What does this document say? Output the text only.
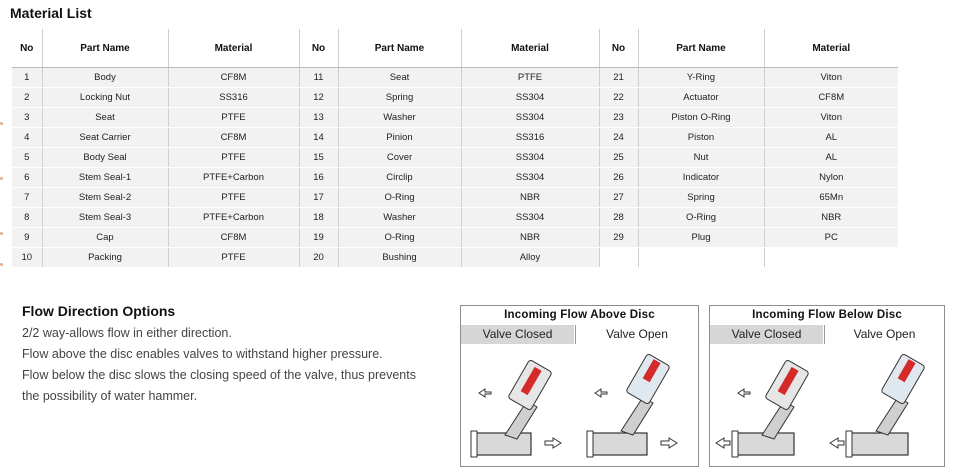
Material List
No	Part Name	Material	No	Part Name	Material	No	Part Name	Material
1	Body	CF8M	11	Seat	PTFE	21	Y-Ring	Viton
2	Locking Nut	SS316	12	Spring	SS304	22	Actuator	CF8M
3	Seat	PTFE	13	Washer	SS304	23	Piston O-Ring	Viton
4	Seat Carrier	CF8M	14	Pinion	SS316	24	Piston	AL
5	Body Seal	PTFE	15	Cover	SS304	25	Nut	AL
6	Stem Seal-1	PTFE+Carbon	16	Circlip	SS304	26	Indicator	Nylon
7	Stem Seal-2	PTFE	17	O-Ring	NBR	27	Spring	65Mn
8	Stem Seal-3	PTFE+Carbon	18	Washer	SS304	28	O-Ring	NBR
9	Cap	CF8M	19	O-Ring	NBR	29	Plug	PC
10	Packing	PTFE	20	Bushing	Alloy			
Flow Direction Options
2/2 way-allows flow in either direction.
Flow above the disc enables valves to withstand higher pressure.
Flow below the disc slows the closing speed of the valve, thus prevents
the possibility of water hammer.
Incoming Flow Above Disc
Valve Closed	Valve Open
Incoming Flow Below Disc
Valve Closed	Valve Open
